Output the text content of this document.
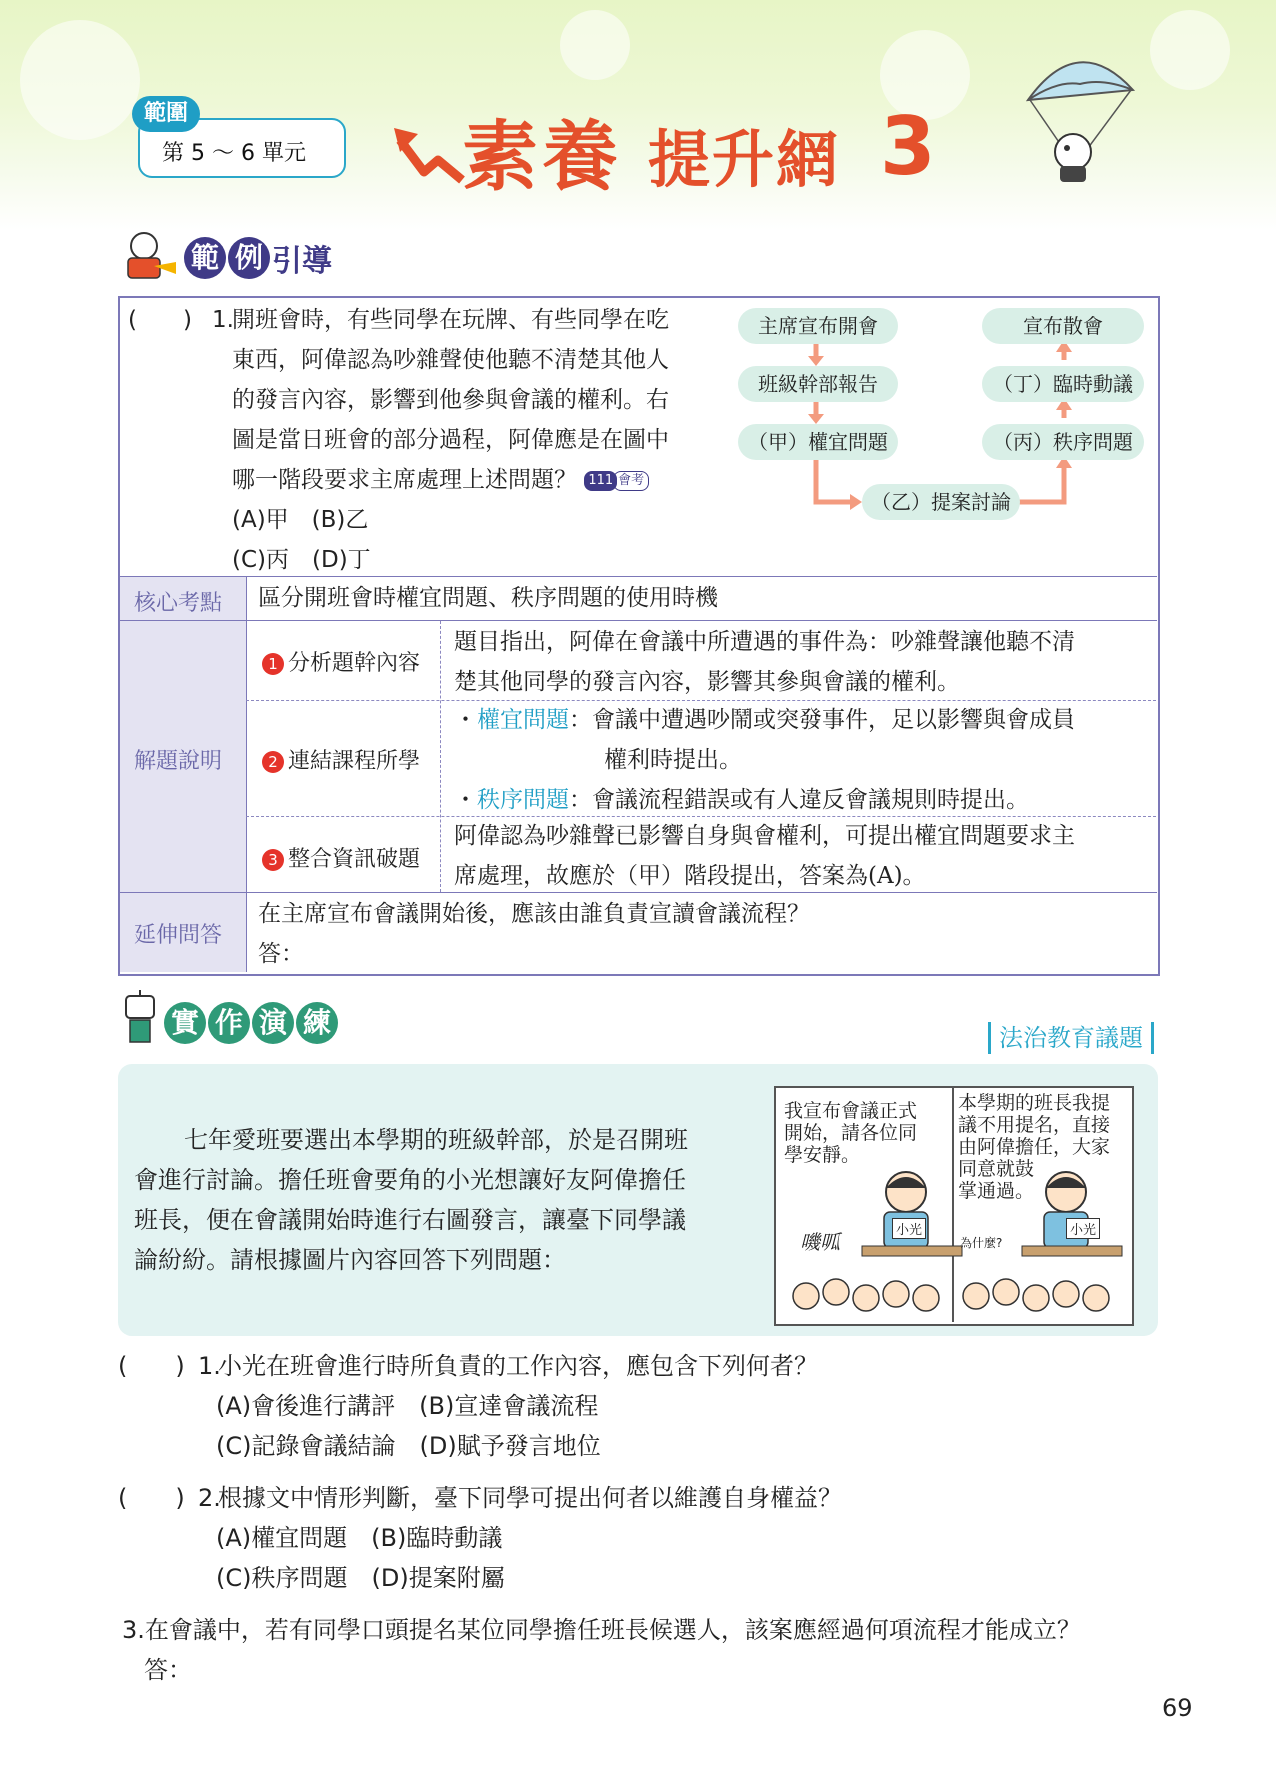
範圍
第 5 ～ 6 單元 素養 提升網 3
範 例 引導
(　　) 1.
開班會時，有些同學在玩牌、有些同學在吃
東西，阿偉認為吵雜聲使他聽不清楚其他人
的發言內容，影響到他參與會議的權利。右
圖是當日班會的部分過程，阿偉應是在圖中
哪一階段要求主席處理上述問題？ 111 會考
(A)甲　(B)乙
(C)丙　(D)丁
主席宣布開會
班級幹部報告
（甲）權宜問題
（乙）提案討論
（丙）秩序問題
（丁）臨時動議
宣布散會
核心考點 區分開班會時權宜問題、秩序問題的使用時機
解題說明
1 分析題幹內容
題目指出，阿偉在會議中所遭遇的事件為：吵雜聲讓他聽不清
楚其他同學的發言內容，影響其參與會議的權利。
2 連結課程所學
・權宜問題：會議中遭遇吵鬧或突發事件，足以影響與會成員
權利時提出。
・秩序問題：會議流程錯誤或有人違反會議規則時提出。
3 整合資訊破題
阿偉認為吵雜聲已影響自身與會權利，可提出權宜問題要求主
席處理，故應於（甲）階段提出，答案為(A)。
延伸問答
在主席宣布會議開始後，應該由誰負責宣讀會議流程？
答：
實 作 演 練	法治教育議題
七年愛班要選出本學期的班級幹部，於是召開班
會進行討論。擔任班會要角的小光想讓好友阿偉擔任
班長，便在會議開始時進行右圖發言，讓臺下同學議
論紛紛。請根據圖片內容回答下列問題：
我宣布會議正式
開始，請各位同
學安靜。
本學期的班長我提
議不用提名，直接
由阿偉擔任，大家
同意就鼓
掌通過。
小光	小光
嘰呱	為什麼?
(　　) 1.
小光在班會進行時所負責的工作內容，應包含下列何者？
(A)會後進行講評　(B)宣達會議流程
(C)記錄會議結論　(D)賦予發言地位
(　　) 2.
根據文中情形判斷，臺下同學可提出何者以維護自身權益？
(A)權宜問題　(B)臨時動議
(C)秩序問題　(D)提案附屬
3.在會議中，若有同學口頭提名某位同學擔任班長候選人，該案應經過何項流程才能成立？
答：
69
